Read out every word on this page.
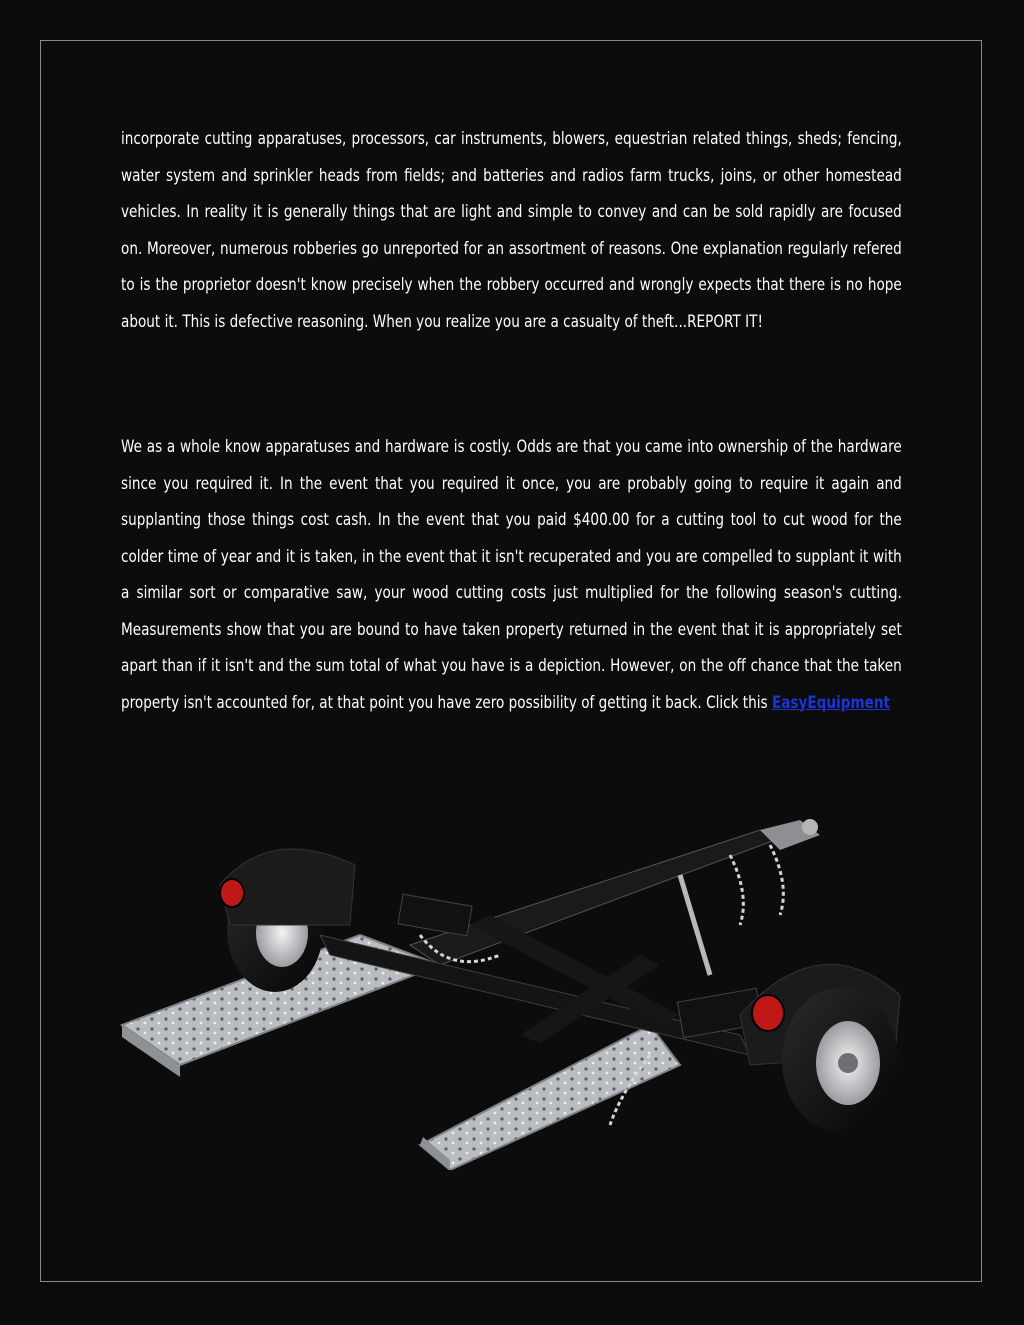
incorporate cutting apparatuses, processors, car instruments, blowers, equestrian related things, sheds; fencing, water system and sprinkler heads from fields; and batteries and radios farm trucks, joins, or other homestead vehicles. In reality it is generally things that are light and simple to convey and can be sold rapidly are focused on. Moreover, numerous robberies go unreported for an assortment of reasons. One explanation regularly refered to is the proprietor doesn't know precisely when the robbery occurred and wrongly expects that there is no hope about it. This is defective reasoning. When you realize you are a casualty of theft...REPORT IT!

We as a whole know apparatuses and hardware is costly. Odds are that you came into ownership of the hardware since you required it. In the event that you required it once, you are probably going to require it again and supplanting those things cost cash. In the event that you paid $400.00 for a cutting tool to cut wood for the colder time of year and it is taken, in the event that it isn't recuperated and you are compelled to supplant it with a similar sort or comparative saw, your wood cutting costs just multiplied for the following season's cutting. Measurements show that you are bound to have taken property returned in the event that it is appropriately set apart than if it isn't and the sum total of what you have is a depiction. However, on the off chance that the taken property isn't accounted for, at that point you have zero possibility of getting it back. Click this EasyEquipment
